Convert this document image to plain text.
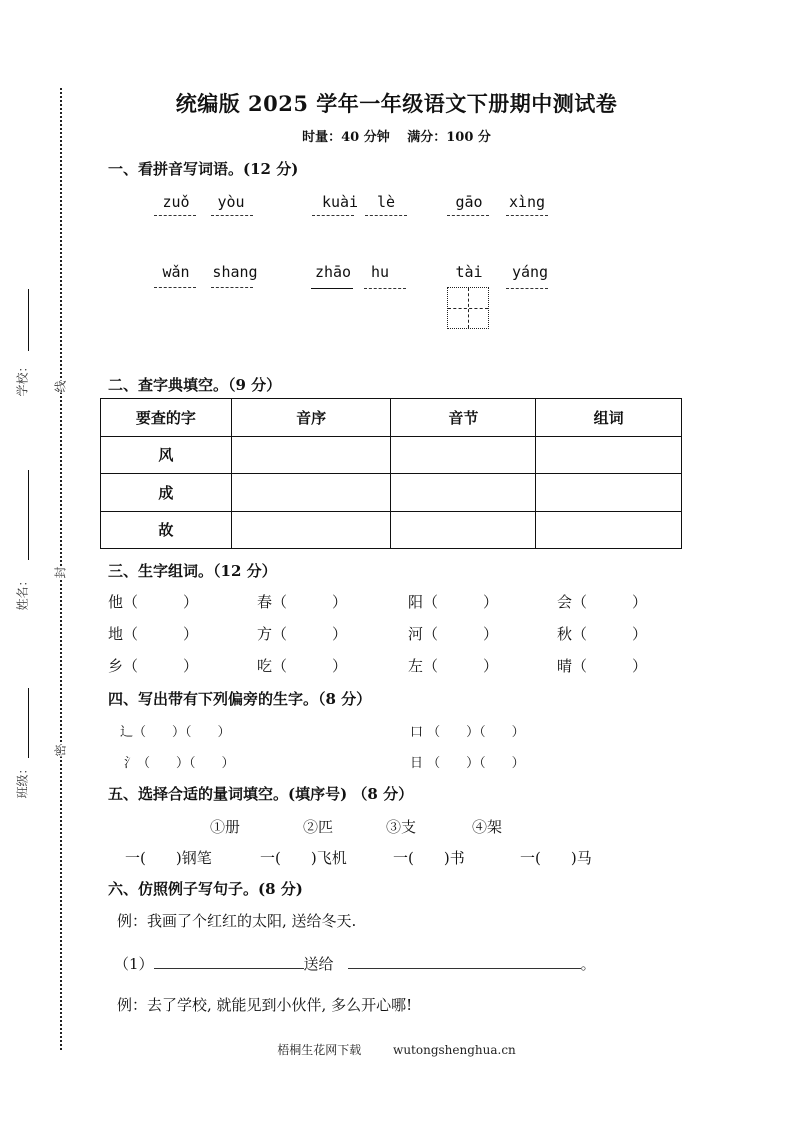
学校：
姓名：
班级：
线
封
密
统编版 2025 学年一年级语文下册期中测试卷
时量：40 分钟　 满分：100 分
一、看拼音写词语。(12 分)
zuǒ	yòu	kuài	lè	gāo	xìng
wǎn	shang	zhāo	hu	tài	yáng
二、查字典填空。（9 分）
要查的字	音序	音节	组词
风			
成			
故			
三、生字组词。（12 分）
他（　　　）	春（　　　）	阳（　　　）	会（　　　）
地（　　　）	方（　　　）	河（　　　）	秋（　　　）
乡（　　　）	吃（　　　）	左（　　　）	晴（　　　）
四、写出带有下列偏旁的生字。（8 分）
辶（　　）（　　）	口 （　　）（　　）
氵（　　）（　　）	日 （　　）（　　）
五、选择合适的量词填空。(填序号) （8 分）
①册	②匹	③支	④架
一(　　)钢笔	一(　　)飞机	一(　　)书	一(　　)马
六、仿照例子写句子。(8 分)
例：我画了个红红的太阳, 送给冬天.
（1）	送给	。
例：去了学校, 就能见到小伙伴, 多么开心哪!
梧桐生花网下载	wutongshenghua.cn
